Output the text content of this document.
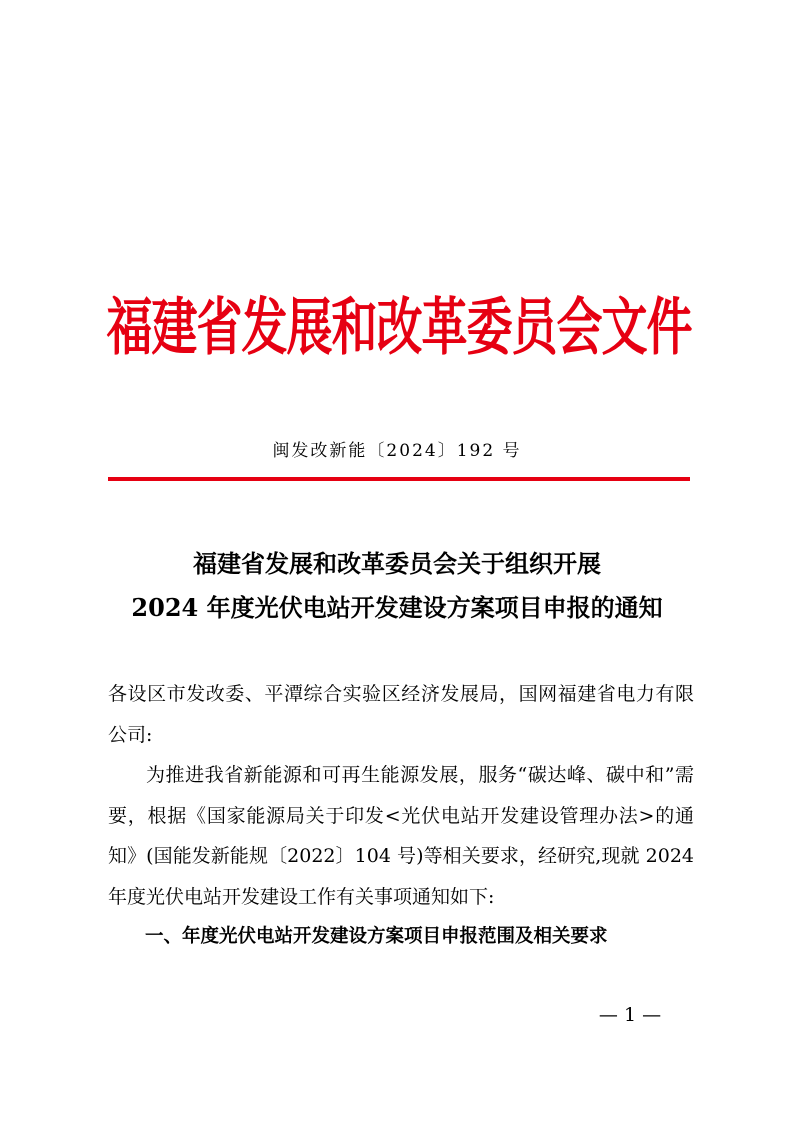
福建省发展和改革委员会文件
闽发改新能〔2024〕192 号
福建省发展和改革委员会关于组织开展
2024 年度光伏电站开发建设方案项目申报的通知

各设区市发改委、平潭综合实验区经济发展局，国网福建省电力有限公司:

为推进我省新能源和可再生能源发展，服务“碳达峰、碳中和”需要，根据《国家能源局关于印发<光伏电站开发建设管理办法>的通知》(国能发新能规〔2022〕104 号)等相关要求，经研究,现就 2024 年度光伏电站开发建设工作有关事项通知如下:

一、年度光伏电站开发建设方案项目申报范围及相关要求

— 1 —
